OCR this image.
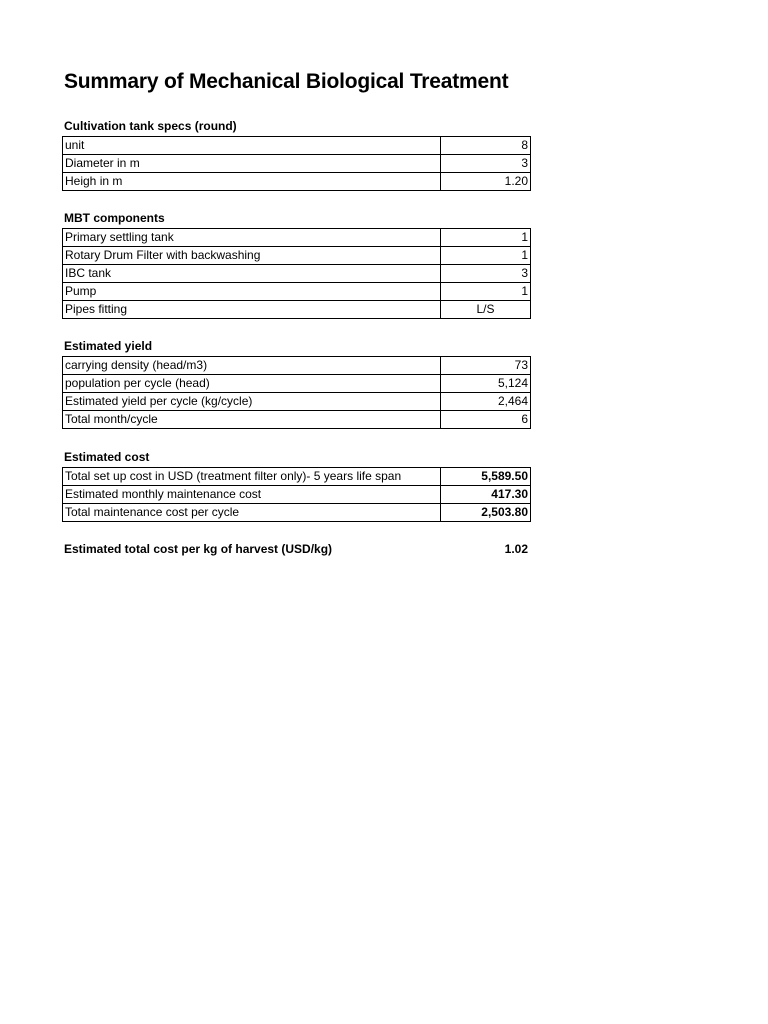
Summary of Mechanical Biological Treatment
Cultivation tank specs (round)
unit	8
Diameter in m	3
Heigh in m	1.20
MBT components
Primary settling tank	1
Rotary Drum Filter with backwashing	1
IBC tank	3
Pump	1
Pipes fitting	L/S
Estimated yield
carrying density (head/m3)	73
population per cycle (head)	5,124
Estimated yield per cycle (kg/cycle)	2,464
Total month/cycle	6
Estimated cost
Total set up cost in USD (treatment filter only)- 5 years life span	5,589.50
Estimated monthly maintenance cost	417.30
Total maintenance cost per cycle	2,503.80
Estimated total cost per kg of harvest (USD/kg)	1.02
